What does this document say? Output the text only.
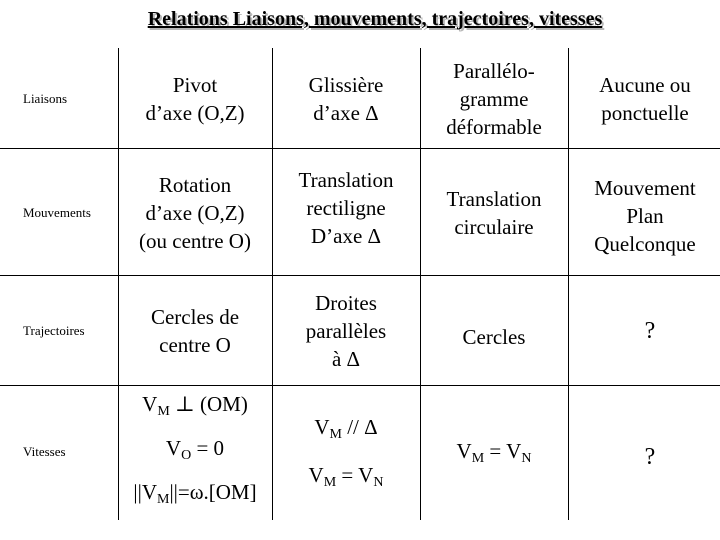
Relations Liaisons, mouvements, trajectoires, vitesses
Liaisons
Mouvements
Trajectoires
Vitesses
Pivot
d’axe (O,Z)
Glissière
d’axe Δ
Parallélo-
gramme
déformable
Aucune ou
ponctuelle
Rotation
d’axe (O,Z)
(ou centre O)
Translation
rectiligne
D’axe Δ
Translation
circulaire
Mouvement
Plan
Quelconque
Cercles de
centre O
Droites
parallèles
à Δ
Cercles	?
$V_M$ ⊥ (OM)
$V_O = 0$
$||V_M||=\omega.[OM]$
$V_M$ // Δ
$V_M = V_N$
$V_M = V_N$	?
